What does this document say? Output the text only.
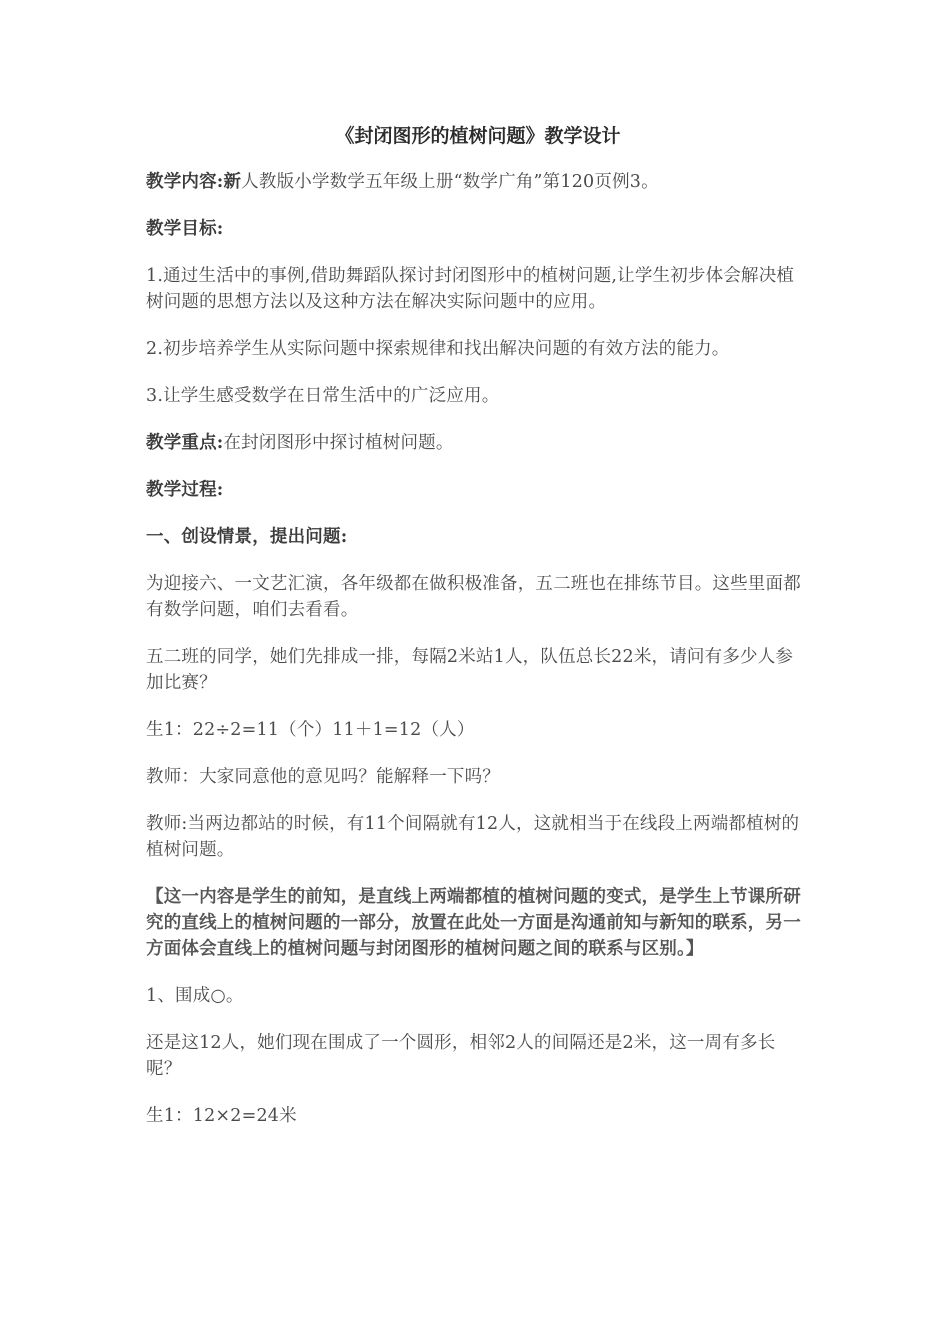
《封闭图形的植树问题》教学设计
教学内容:新人教版小学数学五年级上册“数学广角”第120页例3。
教学目标:
1.通过生活中的事例,借助舞蹈队探讨封闭图形中的植树问题,让学生初步体会解决植树问题的思想方法以及这种方法在解决实际问题中的应用。
2.初步培养学生从实际问题中探索规律和找出解决问题的有效方法的能力。
3.让学生感受数学在日常生活中的广泛应用。
教学重点:在封闭图形中探讨植树问题。
教学过程:
一、创设情景，提出问题:
为迎接六、一文艺汇演，各年级都在做积极准备，五二班也在排练节目。这些里面都有数学问题，咱们去看看。
五二班的同学，她们先排成一排，每隔2米站1人，队伍总长22米，请问有多少人参加比赛？
生1：22÷2=11（个）11＋1=12（人）
教师：大家同意他的意见吗？能解释一下吗？
教师:当两边都站的时候，有11个间隔就有12人，这就相当于在线段上两端都植树的植树问题。
【这一内容是学生的前知，是直线上两端都植的植树问题的变式，是学生上节课所研究的直线上的植树问题的一部分，放置在此处一方面是沟通前知与新知的联系，另一方面体会直线上的植树问题与封闭图形的植树问题之间的联系与区别。】
1、围成○。
还是这12人，她们现在围成了一个圆形，相邻2人的间隔还是2米，这一周有多长呢？
生1：12×2=24米
